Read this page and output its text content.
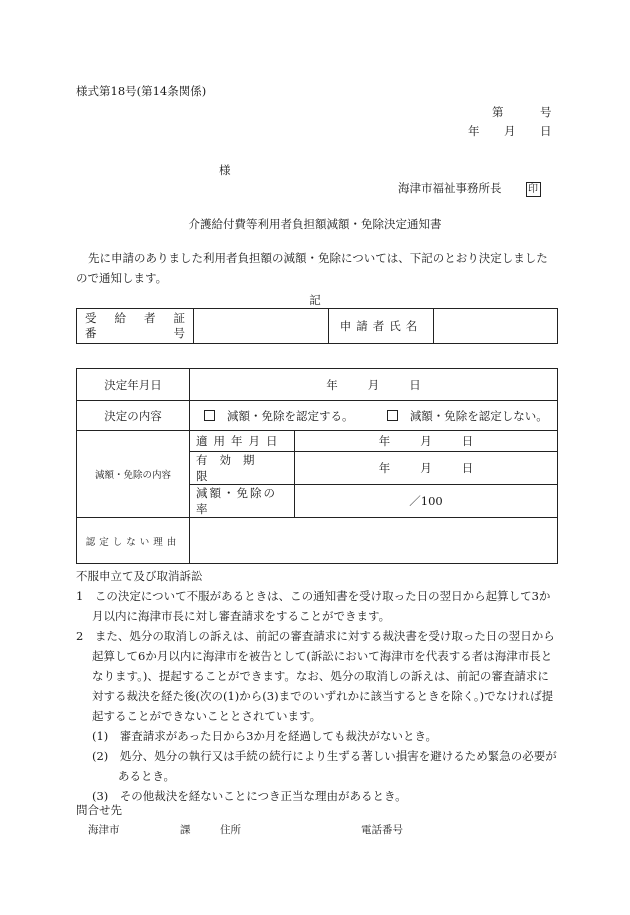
様式第18号(第14条関係)
第	号
年 月 日
様
海津市福祉事務所長	印
介護給付費等利用者負担額減額・免除決定通知書
先に申請のありました利用者負担額の減額・免除については、下記のとおり決定しましたので通知します。
記
受 給 者 証
番	号		申請者氏名	
決定年月日	年 月 日	
決定の内容	減額・免除を認定する。 減額・免除を認定しない。	
減額・免除の内容	適用年月日	年 月 日
	有効期限	年 月 日
	減額・免除の率	／100
認定しない理由		
不服申立て及び取消訴訟
1　この決定について不服があるときは、この通知書を受け取った日の翌日から起算して3か月以内に海津市長に対し審査請求をすることができます。
2　また、処分の取消しの訴えは、前記の審査請求に対する裁決書を受け取った日の翌日から起算して6か月以内に海津市を被告として(訴訟において海津市を代表する者は海津市長となります。)、提起することができます。なお、処分の取消しの訴えは、前記の審査請求に対する裁決を経た後(次の(1)から(3)までのいずれかに該当するときを除く。)でなければ提起することができないこととされています。
(1)　審査請求があった日から3か月を経過しても裁決がないとき。
(2)　処分、処分の執行又は手続の続行により生ずる著しい損害を避けるため緊急の必要があるとき。
(3)　その他裁決を経ないことにつき正当な理由があるとき。
問合せ先
海津市	課	住所	電話番号
